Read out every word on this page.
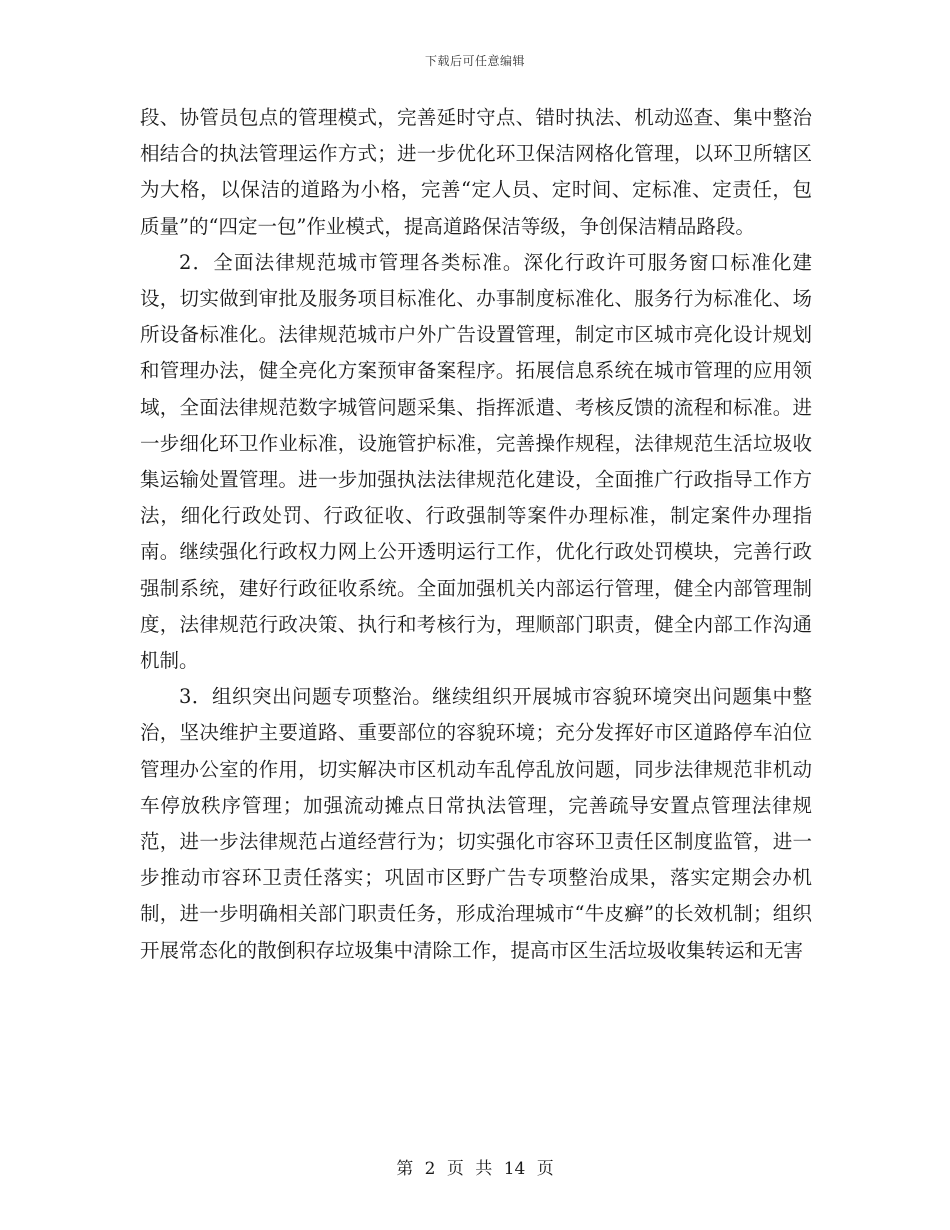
下载后可任意编辑

段、协管员包点的管理模式，完善延时守点、错时执法、机动巡查、集中整治相结合的执法管理运作方式；进一步优化环卫保洁网格化管理，以环卫所辖区为大格，以保洁的道路为小格，完善“定人员、定时间、定标准、定责任，包质量”的“四定一包”作业模式，提高道路保洁等级，争创保洁精品路段。

2．全面法律规范城市管理各类标准。深化行政许可服务窗口标准化建设，切实做到审批及服务项目标准化、办事制度标准化、服务行为标准化、场所设备标准化。法律规范城市户外广告设置管理，制定市区城市亮化设计规划和管理办法，健全亮化方案预审备案程序。拓展信息系统在城市管理的应用领域，全面法律规范数字城管问题采集、指挥派遣、考核反馈的流程和标准。进一步细化环卫作业标准，设施管护标准，完善操作规程，法律规范生活垃圾收集运输处置管理。进一步加强执法法律规范化建设，全面推广行政指导工作方法，细化行政处罚、行政征收、行政强制等案件办理标准，制定案件办理指南。继续强化行政权力网上公开透明运行工作，优化行政处罚模块，完善行政强制系统，建好行政征收系统。全面加强机关内部运行管理，健全内部管理制度，法律规范行政决策、执行和考核行为，理顺部门职责，健全内部工作沟通机制。

3．组织突出问题专项整治。继续组织开展城市容貌环境突出问题集中整治，坚决维护主要道路、重要部位的容貌环境；充分发挥好市区道路停车泊位管理办公室的作用，切实解决市区机动车乱停乱放问题，同步法律规范非机动车停放秩序管理；加强流动摊点日常执法管理，完善疏导安置点管理法律规范，进一步法律规范占道经营行为；切实强化市容环卫责任区制度监管，进一步推动市容环卫责任落实；巩固市区野广告专项整治成果，落实定期会办机制，进一步明确相关部门职责任务，形成治理城市“牛皮癣”的长效机制；组织开展常态化的散倒积存垃圾集中清除工作，提高市区生活垃圾收集转运和无害

第 2 页 共 14 页
